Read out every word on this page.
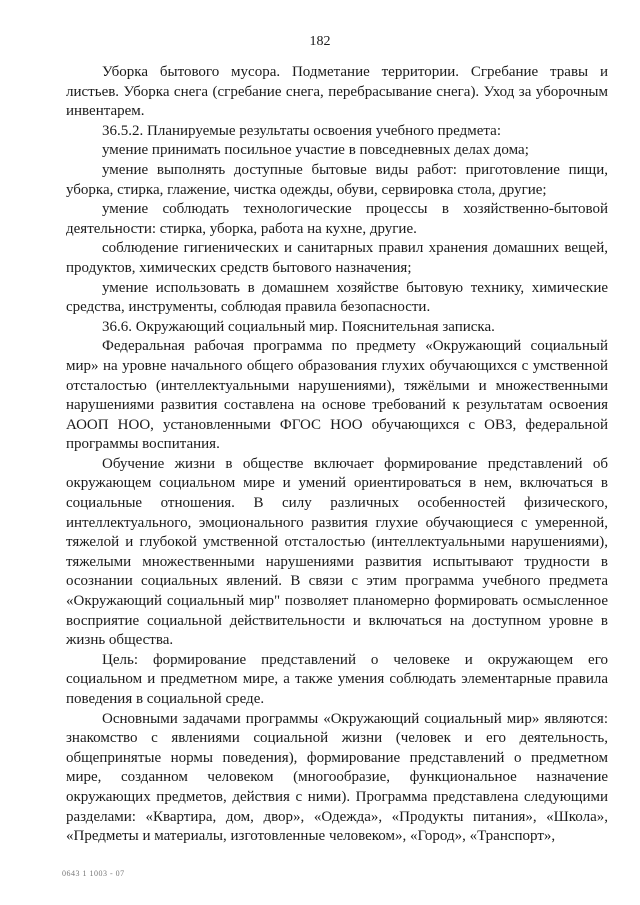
182

Уборка бытового мусора. Подметание территории. Сгребание травы и листьев. Уборка снега (сгребание снега, перебрасывание снега). Уход за уборочным инвентарем.

36.5.2. Планируемые результаты освоения учебного предмета:

умение принимать посильное участие в повседневных делах дома;

умение выполнять доступные бытовые виды работ: приготовление пищи, уборка, стирка, глажение, чистка одежды, обуви, сервировка стола, другие;

умение соблюдать технологические процессы в хозяйственно-бытовой деятельности: стирка, уборка, работа на кухне, другие.

соблюдение гигиенических и санитарных правил хранения домашних вещей, продуктов, химических средств бытового назначения;

умение использовать в домашнем хозяйстве бытовую технику, химические средства, инструменты, соблюдая правила безопасности.

36.6. Окружающий социальный мир. Пояснительная записка.

Федеральная рабочая программа по предмету «Окружающий социальный мир» на уровне начального общего образования глухих обучающихся с умственной отсталостью (интеллектуальными нарушениями), тяжёлыми и множественными нарушениями развития составлена на основе требований к результатам освоения АООП НОО, установленными ФГОС НОО обучающихся с ОВЗ, федеральной программы воспитания.

Обучение жизни в обществе включает формирование представлений об окружающем социальном мире и умений ориентироваться в нем, включаться в социальные отношения. В силу различных особенностей физического, интеллектуального, эмоционального развития глухие обучающиеся с умеренной, тяжелой и глубокой умственной отсталостью (интеллектуальными нарушениями), тяжелыми множественными нарушениями развития испытывают трудности в осознании социальных явлений. В связи с этим программа учебного предмета «Окружающий социальный мир" позволяет планомерно формировать осмысленное восприятие социальной действительности и включаться на доступном уровне в жизнь общества.

Цель: формирование представлений о человеке и окружающем его социальном и предметном мире, а также умения соблюдать элементарные правила поведения в социальной среде.

Основными задачами программы «Окружающий социальный мир» являются: знакомство с явлениями социальной жизни (человек и его деятельность, общепринятые нормы поведения), формирование представлений о предметном мире, созданном человеком (многообразие, функциональное назначение окружающих предметов, действия с ними). Программа представлена следующими разделами: «Квартира, дом, двор», «Одежда», «Продукты питания», «Школа», «Предметы и материалы, изготовленные человеком», «Город», «Транспорт»,

0643 1 1003 - 07
